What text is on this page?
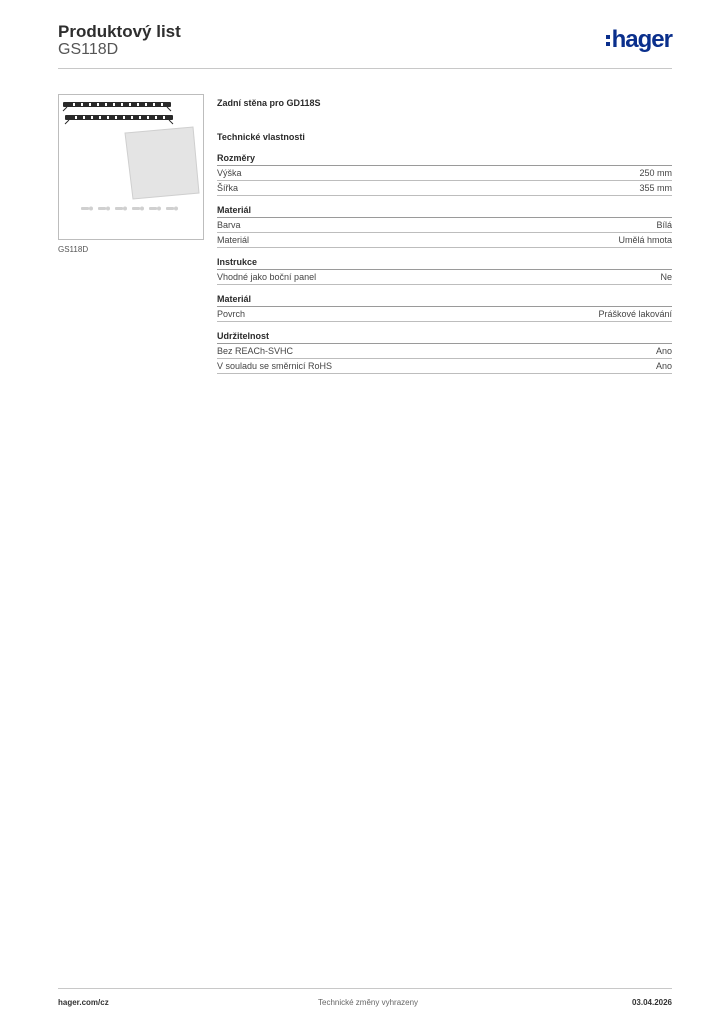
Produktový list
GS118D	hager
GS118D
Zadní stěna pro GD118S
Technické vlastnosti
Rozměry
Výška	250 mm
Šířka	355 mm
Materiál
Barva	Bílá
Materiál	Umělá hmota
Instrukce
Vhodné jako boční panel	Ne
Materiál
Povrch	Práškové lakování
Udržitelnost
Bez REACh-SVHC	Ano
V souladu se směrnicí RoHS	Ano
hager.com/cz	Technické změny vyhrazeny	03.04.2026
